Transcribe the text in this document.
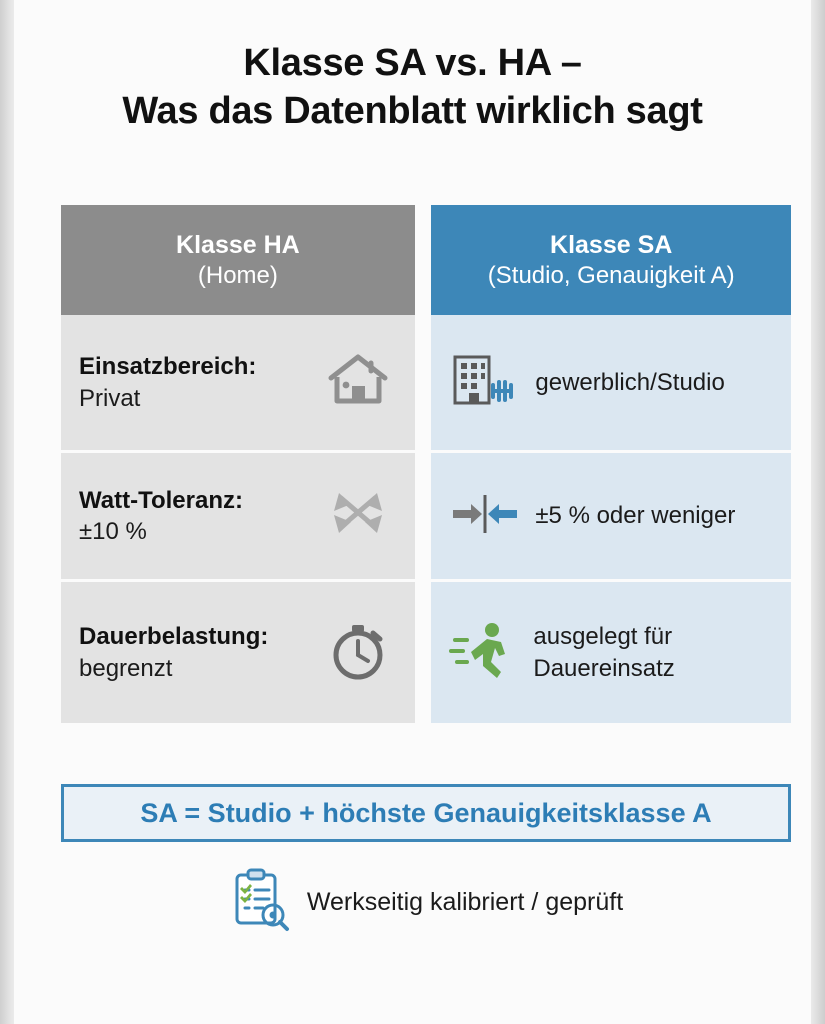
Klasse SA vs. HA –
Was das Datenblatt wirklich sagt
Klasse HA
(Home)
Klasse SA
(Studio, Genauigkeit A)
Einsatzbereich:
Privat
gewerblich/Studio
Watt-Toleranz:
±10 %
±5 % oder weniger
Dauerbelastung:
begrenzt
ausgelegt für
Dauereinsatz
SA = Studio + höchste Genauigkeitsklasse A
Werkseitig kalibriert / geprüft
